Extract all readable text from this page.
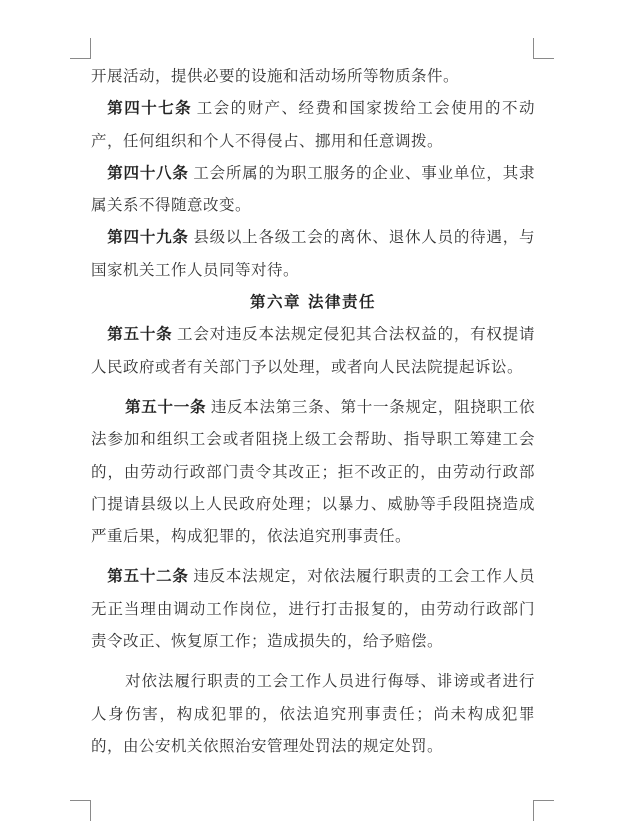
开展活动，提供必要的设施和活动场所等物质条件。

第四十七条 工会的财产、经费和国家拨给工会使用的不动产，任何组织和个人不得侵占、挪用和任意调拨。

第四十八条 工会所属的为职工服务的企业、事业单位，其隶属关系不得随意改变。

第四十九条 县级以上各级工会的离休、退休人员的待遇，与国家机关工作人员同等对待。

第六章 法律责任

第五十条 工会对违反本法规定侵犯其合法权益的，有权提请人民政府或者有关部门予以处理，或者向人民法院提起诉讼。

第五十一条 违反本法第三条、第十一条规定，阻挠职工依法参加和组织工会或者阻挠上级工会帮助、指导职工筹建工会的，由劳动行政部门责令其改正；拒不改正的，由劳动行政部门提请县级以上人民政府处理；以暴力、威胁等手段阻挠造成严重后果，构成犯罪的，依法追究刑事责任。

第五十二条 违反本法规定，对依法履行职责的工会工作人员无正当理由调动工作岗位，进行打击报复的，由劳动行政部门责令改正、恢复原工作；造成损失的，给予赔偿。

对依法履行职责的工会工作人员进行侮辱、诽谤或者进行人身伤害，构成犯罪的，依法追究刑事责任；尚未构成犯罪的，由公安机关依照治安管理处罚法的规定处罚。
